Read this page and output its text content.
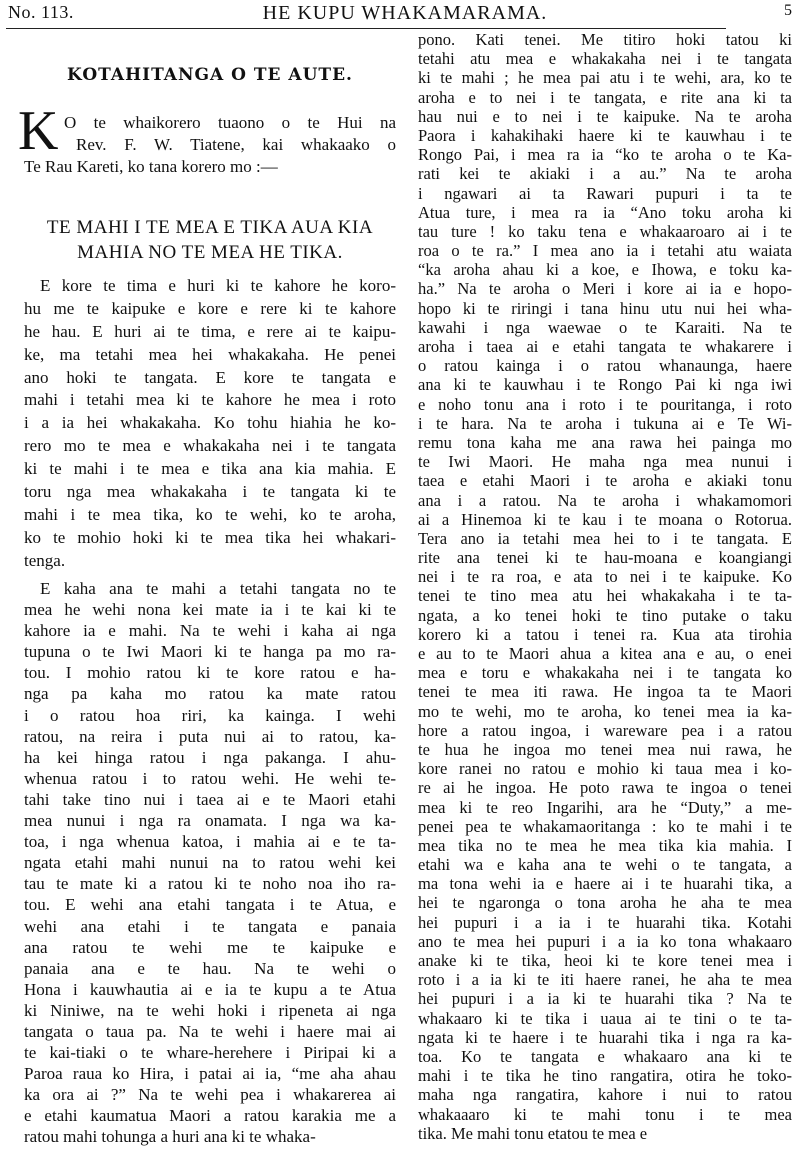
No. 113.	HE KUPU WHAKAMARAMA.	5
KOTAHITANGA O TE AUTE.
K O te whaikorero tuaono o te Hui na
Rev. F. W. Tiatene, kai whakaako o
Te Rau Kareti, ko tana korero mo :—
TE MAHI I TE MEA E TIKA AUA KIA
MAHIA NO TE MEA HE TIKA.
E kore te tima e huri ki te kahore he koro-
hu me te kaipuke e kore e rere ki te kahore
he hau. E huri ai te tima, e rere ai te kaipu-
ke, ma tetahi mea hei whakakaha. He penei
ano hoki te tangata. E kore te tangata e
mahi i tetahi mea ki te kahore he mea i roto
i a ia hei whakakaha. Ko tohu hiahia he ko-
rero mo te mea e whakakaha nei i te tangata
ki te mahi i te mea e tika ana kia mahia. E
toru nga mea whakakaha i te tangata ki te
mahi i te mea tika, ko te wehi, ko te aroha,
ko te mohio hoki ki te mea tika hei whakari-
tenga.
E kaha ana te mahi a tetahi tangata no te
mea he wehi nona kei mate ia i te kai ki te
kahore ia e mahi. Na te wehi i kaha ai nga
tupuna o te Iwi Maori ki te hanga pa mo ra-
tou. I mohio ratou ki te kore ratou e ha-
nga pa kaha mo ratou ka mate ratou
i o ratou hoa riri, ka kainga. I wehi
ratou, na reira i puta nui ai to ratou, ka-
ha kei hinga ratou i nga pakanga. I ahu-
whenua ratou i to ratou wehi. He wehi te-
tahi take tino nui i taea ai e te Maori etahi
mea nunui i nga ra onamata. I nga wa ka-
toa, i nga whenua katoa, i mahia ai e te ta-
ngata etahi mahi nunui na to ratou wehi kei
tau te mate ki a ratou ki te noho noa iho ra-
tou. E wehi ana etahi tangata i te Atua, e
wehi ana etahi i te tangata e panaia
ana ratou te wehi me te kaipuke e
panaia ana e te hau. Na te wehi o
Hona i kauwhautia ai e ia te kupu a te Atua
ki Niniwe, na te wehi hoki i ripeneta ai nga
tangata o taua pa. Na te wehi i haere mai ai
te kai-tiaki o te whare-herehere i Piripai ki a
Paroa raua ko Hira, i patai ai ia, “me aha ahau
ka ora ai ?” Na te wehi pea i whakarerea ai
e etahi kaumatua Maori a ratou karakia me a
ratou mahi tohunga a huri ana ki te whaka-
pono. Kati tenei. Me titiro hoki tatou ki
tetahi atu mea e whakakaha nei i te tangata
ki te mahi ; he mea pai atu i te wehi, ara, ko te
aroha e to nei i te tangata, e rite ana ki ta
hau nui e to nei i te kaipuke. Na te aroha
Paora i kahakihaki haere ki te kauwhau i te
Rongo Pai, i mea ra ia “ko te aroha o te Ka-
rati kei te akiaki i a au.” Na te aroha
i ngawari ai ta Rawari pupuri i ta te
Atua ture, i mea ra ia “Ano toku aroha ki
tau ture ! ko taku tena e whakaaroaro ai i te
roa o te ra.” I mea ano ia i tetahi atu waiata
“ka aroha ahau ki a koe, e Ihowa, e toku ka-
ha.” Na te aroha o Meri i kore ai ia e hopo-
hopo ki te riringi i tana hinu utu nui hei wha-
kawahi i nga waewae o te Karaiti. Na te
aroha i taea ai e etahi tangata te whakarere i
o ratou kainga i o ratou whanaunga, haere
ana ki te kauwhau i te Rongo Pai ki nga iwi
e noho tonu ana i roto i te pouritanga, i roto
i te hara. Na te aroha i tukuna ai e Te Wi-
remu tona kaha me ana rawa hei painga mo
te Iwi Maori. He maha nga mea nunui i
taea e etahi Maori i te aroha e akiaki tonu
ana i a ratou. Na te aroha i whakamomori
ai a Hinemoa ki te kau i te moana o Rotorua.
Tera ano ia tetahi mea hei to i te tangata. E
rite ana tenei ki te hau-moana e koangiangi
nei i te ra roa, e ata to nei i te kaipuke. Ko
tenei te tino mea atu hei whakakaha i te ta-
ngata, a ko tenei hoki te tino putake o taku
korero ki a tatou i tenei ra. Kua ata tirohia
e au to te Maori ahua a kitea ana e au, o enei
mea e toru e whakakaha nei i te tangata ko
tenei te mea iti rawa. He ingoa ta te Maori
mo te wehi, mo te aroha, ko tenei mea ia ka-
hore a ratou ingoa, i wareware pea i a ratou
te hua he ingoa mo tenei mea nui rawa, he
kore ranei no ratou e mohio ki taua mea i ko-
re ai he ingoa. He poto rawa te ingoa o tenei
mea ki te reo Ingarihi, ara he “Duty,” a me-
penei pea te whakamaoritanga : ko te mahi i te
mea tika no te mea he mea tika kia mahia. I
etahi wa e kaha ana te wehi o te tangata, a
ma tona wehi ia e haere ai i te huarahi tika, a
hei te ngaronga o tona aroha he aha te mea
hei pupuri i a ia i te huarahi tika. Kotahi
ano te mea hei pupuri i a ia ko tona whakaaro
anake ki te tika, heoi ki te kore tenei mea i
roto i a ia ki te iti haere ranei, he aha te mea
hei pupuri i a ia ki te huarahi tika ? Na te
whakaaro ki te tika i uaua ai te tini o te ta-
ngata ki te haere i te huarahi tika i nga ra ka-
toa. Ko te tangata e whakaaro ana ki te
mahi i te tika he tino rangatira, otira he toko-
maha nga rangatira, kahore i nui to ratou
whakaaaro ki te mahi tonu i te mea
tika. Me mahi tonu etatou te mea e
